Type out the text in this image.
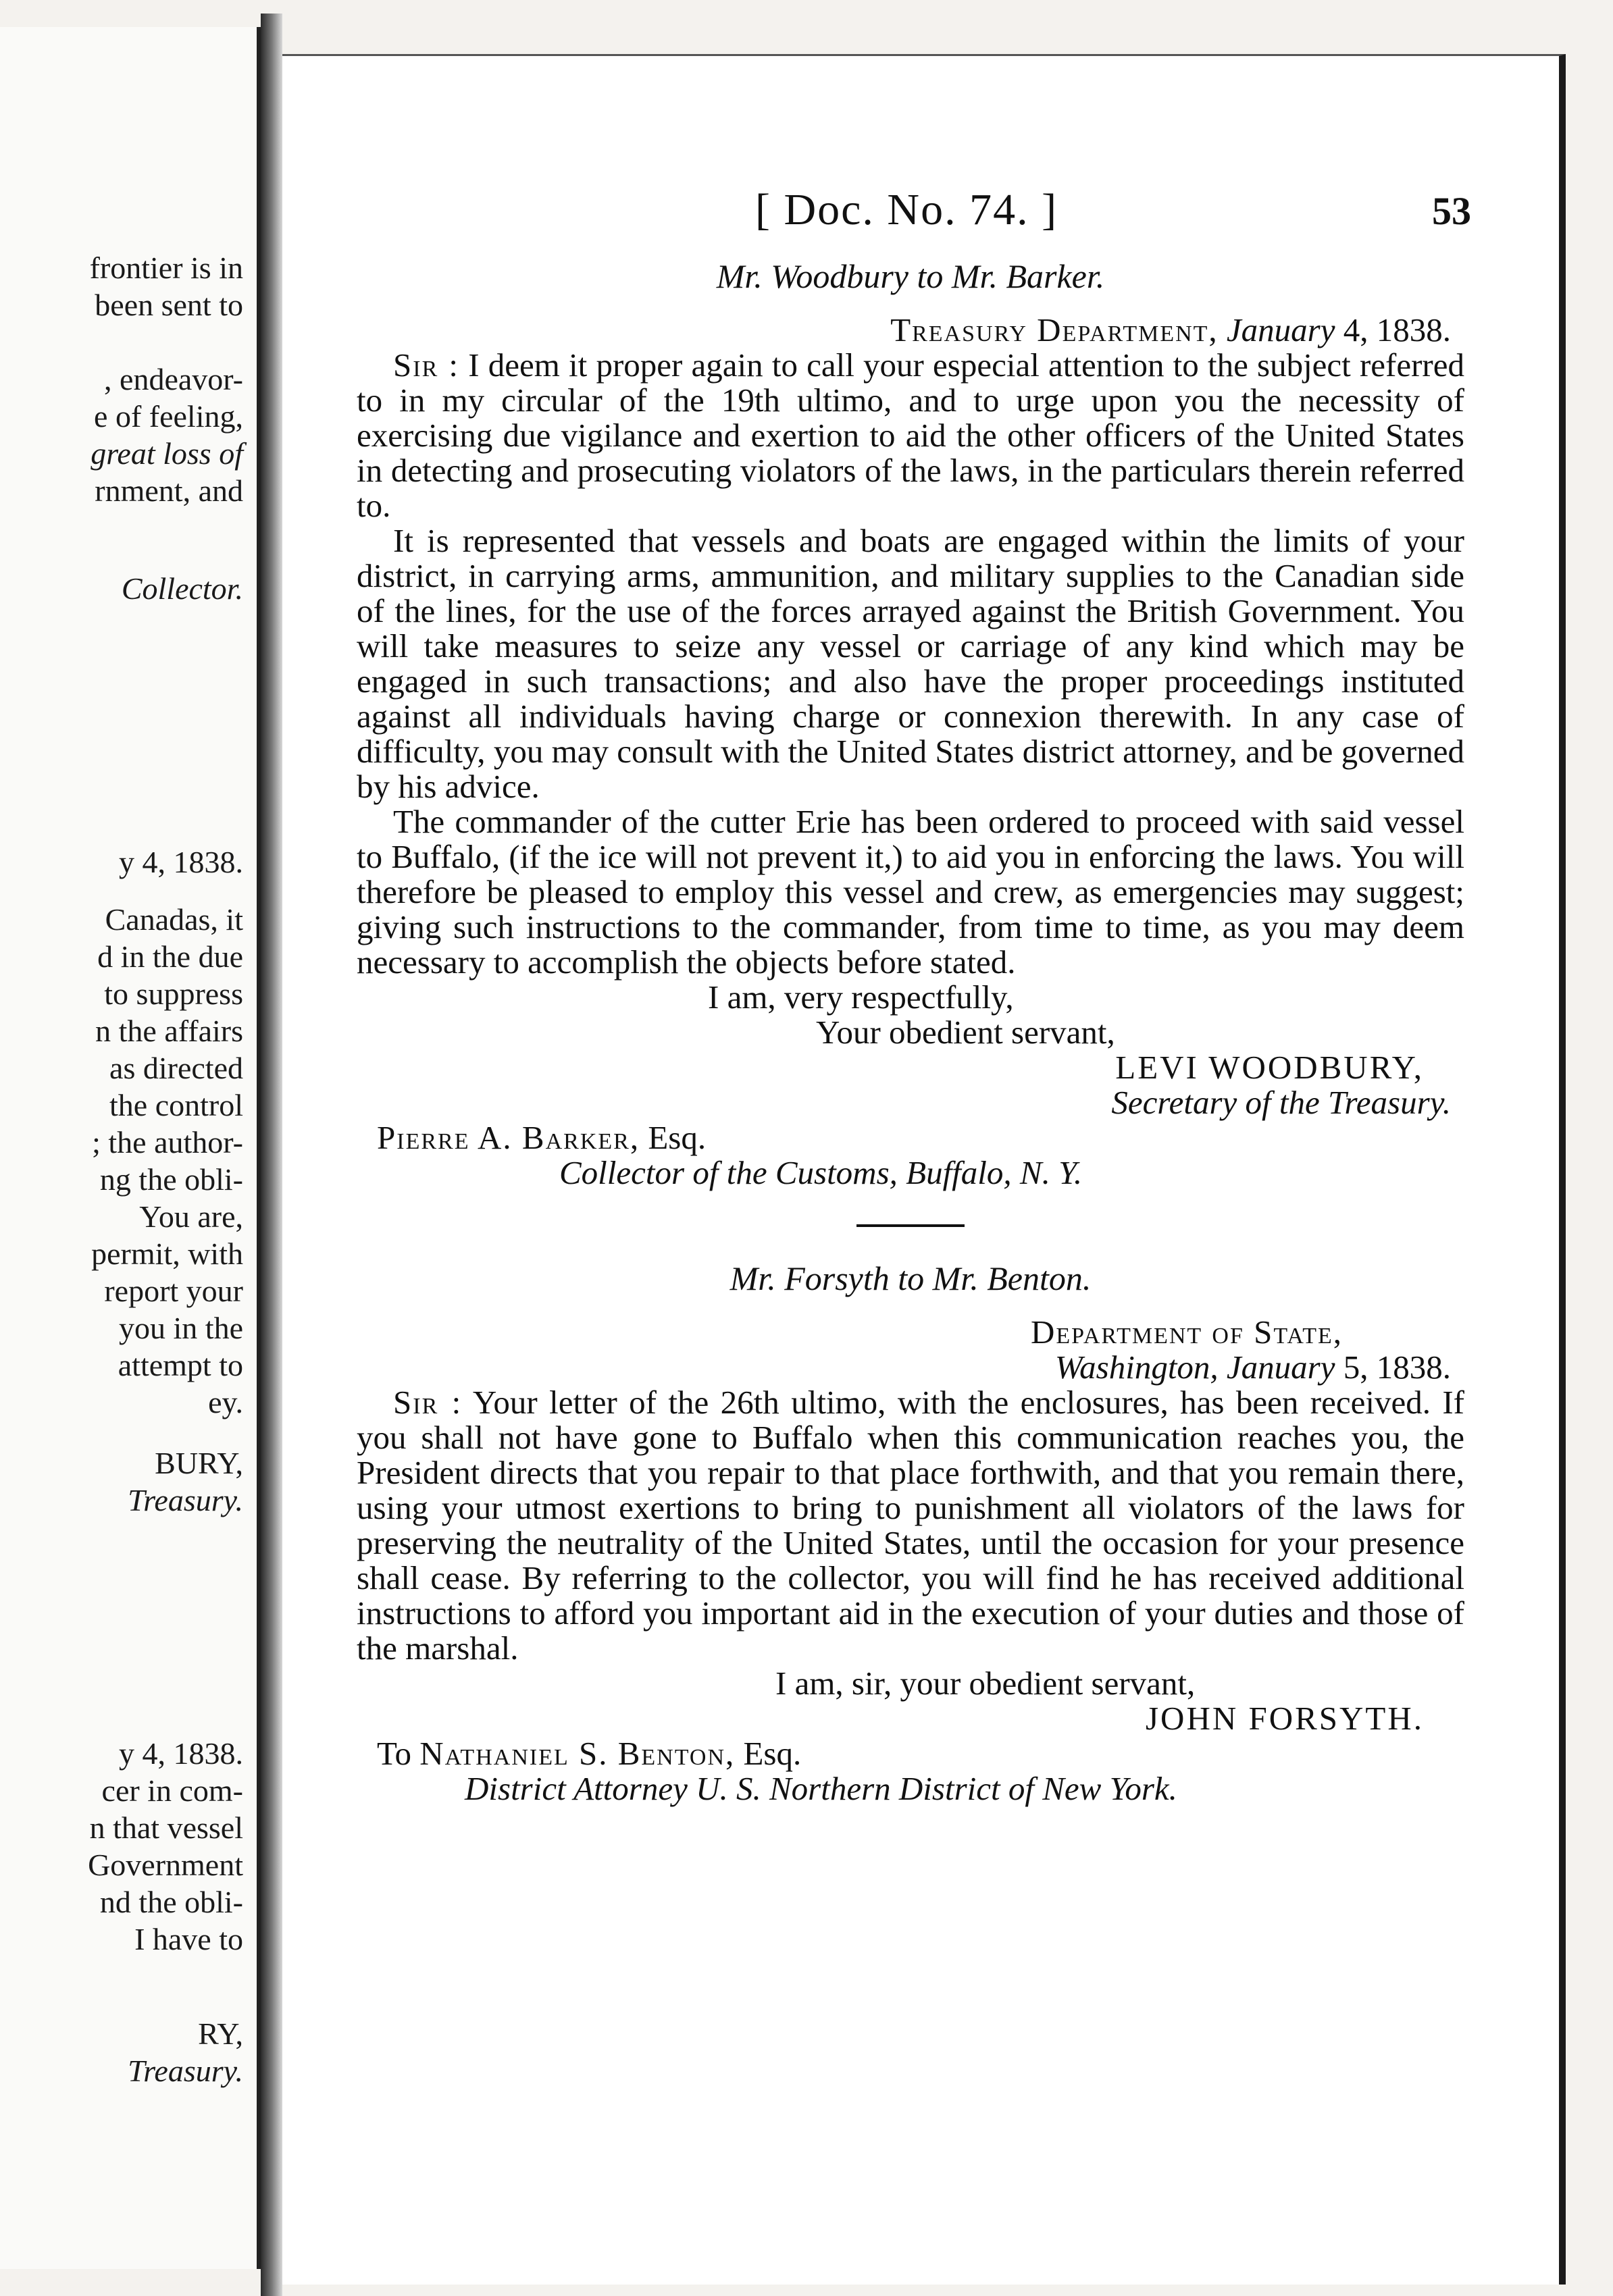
frontier is in
been sent to
, endeavor-
e of feeling,
great loss of
rnment, and
Collector.
y 4, 1838.
Canadas, it
d in the due
to suppress
n the affairs
as directed
the control
; the author-
ng the obli-
You are,
permit, with
report your
you in the
attempt to
ey.
BURY,
Treasury.
y 4, 1838.
cer in com-
n that vessel
Government
nd the obli-
I have to
RY,
Treasury.
[ Doc. No. 74. ]	53
Mr. Woodbury to Mr. Barker.
Treasury Department, January 4, 1838.

Sir : I deem it proper again to call your especial attention to the subject referred to in my circular of the 19th ultimo, and to urge upon you the necessity of exercising due vigilance and exertion to aid the other officers of the United States in detecting and prosecuting violators of the laws, in the particulars therein referred to.

It is represented that vessels and boats are engaged within the limits of your district, in carrying arms, ammunition, and military supplies to the Canadian side of the lines, for the use of the forces arrayed against the British Government. You will take measures to seize any vessel or carriage of any kind which may be engaged in such transactions; and also have the proper proceedings instituted against all individuals having charge or connexion therewith. In any case of difficulty, you may consult with the United States district attorney, and be governed by his advice.

The commander of the cutter Erie has been ordered to proceed with said vessel to Buffalo, (if the ice will not prevent it,) to aid you in enforcing the laws. You will therefore be pleased to employ this vessel and crew, as emergencies may suggest; giving such instructions to the commander, from time to time, as you may deem necessary to accomplish the objects before stated.

I am, very respectfully,
Your obedient servant,
LEVI WOODBURY,
Secretary of the Treasury.
Pierre A. Barker, Esq.
Collector of the Customs, Buffalo, N. Y.
Mr. Forsyth to Mr. Benton.
Department of State,
Washington, January 5, 1838.

Sir : Your letter of the 26th ultimo, with the enclosures, has been received. If you shall not have gone to Buffalo when this communication reaches you, the President directs that you repair to that place forthwith, and that you remain there, using your utmost exertions to bring to punishment all violators of the laws for preserving the neutrality of the United States, until the occasion for your presence shall cease. By referring to the collector, you will find he has received additional instructions to afford you important aid in the execution of your duties and those of the marshal.

I am, sir, your obedient servant,
JOHN FORSYTH.
To Nathaniel S. Benton, Esq.
District Attorney U. S. Northern District of New York.
